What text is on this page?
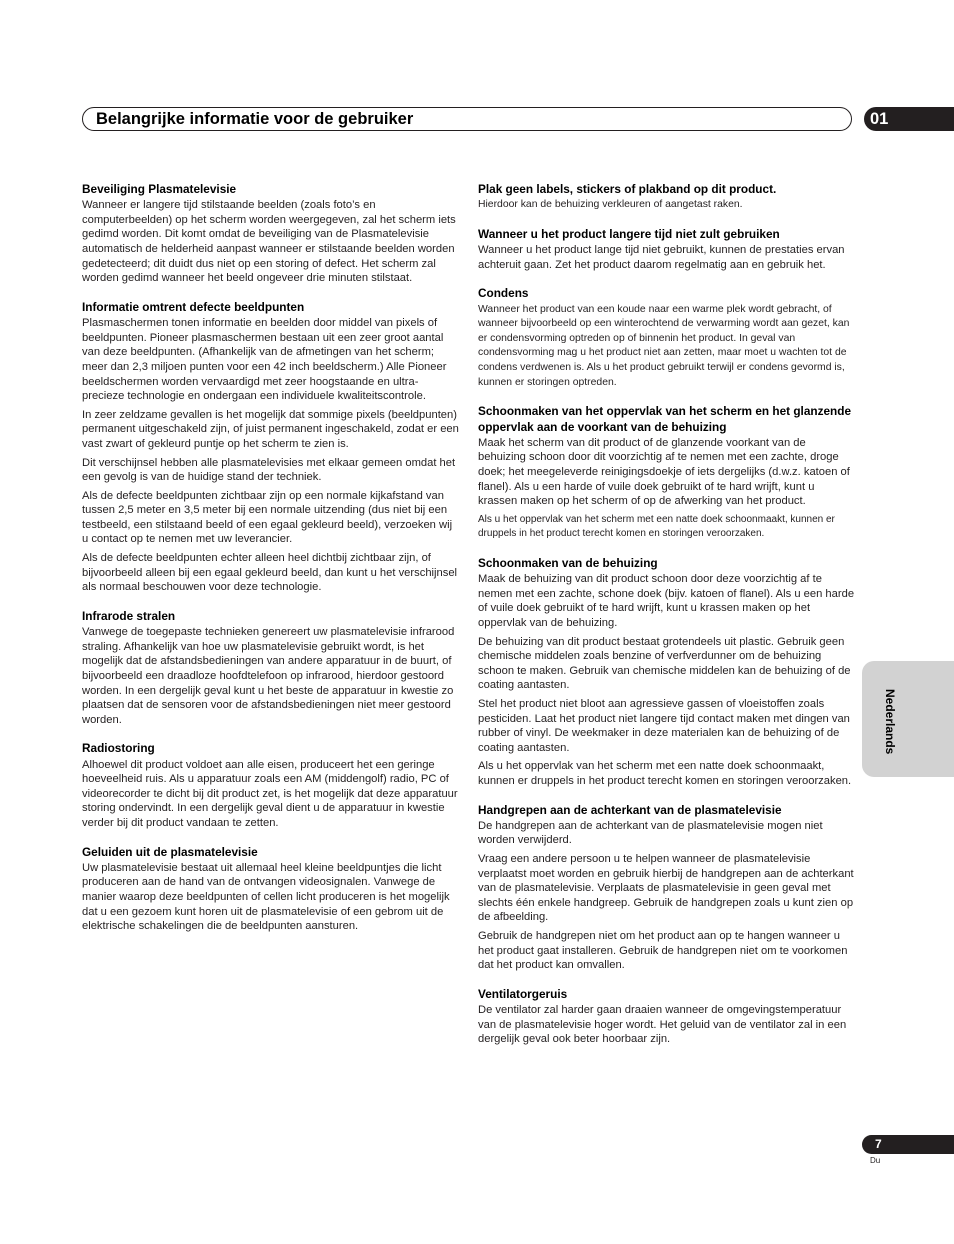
Belangrijke informatie voor de gebruiker	01
Nederlands
7
Du
Beveiliging Plasmatelevisie

Wanneer er langere tijd stilstaande beelden (zoals foto’s en computerbeelden) op het scherm worden weergegeven, zal het scherm iets gedimd worden. Dit komt omdat de beveiliging van de Plasmatelevisie automatisch de helderheid aanpast wanneer er stilstaande beelden worden gedetecteerd; dit duidt dus niet op een storing of defect. Het scherm zal worden gedimd wanneer het beeld ongeveer drie minuten stilstaat.

Informatie omtrent defecte beeldpunten

Plasmaschermen tonen informatie en beelden door middel van pixels of beeldpunten. Pioneer plasmaschermen bestaan uit een zeer groot aantal van deze beeldpunten. (Afhankelijk van de afmetingen van het scherm; meer dan 2,3 miljoen punten voor een 42 inch beeldscherm.) Alle Pioneer beeldschermen worden vervaardigd met zeer hoogstaande en ultra-precieze technologie en ondergaan een individuele kwaliteitscontrole.

In zeer zeldzame gevallen is het mogelijk dat sommige pixels (beeldpunten) permanent uitgeschakeld zijn, of juist permanent ingeschakeld, zodat er een vast zwart of gekleurd puntje op het scherm te zien is.

Dit verschijnsel hebben alle plasmatelevisies met elkaar gemeen omdat het een gevolg is van de huidige stand der techniek.

Als de defecte beeldpunten zichtbaar zijn op een normale kijkafstand van tussen 2,5 meter en 3,5 meter bij een normale uitzending (dus niet bij een testbeeld, een stilstaand beeld of een egaal gekleurd beeld), verzoeken wij u contact op te nemen met uw leverancier.

Als de defecte beeldpunten echter alleen heel dichtbij zichtbaar zijn, of bijvoorbeeld alleen bij een egaal gekleurd beeld, dan kunt u het verschijnsel als normaal beschouwen voor deze technologie.

Infrarode stralen

Vanwege de toegepaste technieken genereert uw plasmatelevisie infrarood straling. Afhankelijk van hoe uw plasmatelevisie gebruikt wordt, is het mogelijk dat de afstandsbedieningen van andere apparatuur in de buurt, of bijvoorbeeld een draadloze hoofdtelefoon op infrarood, hierdoor gestoord worden. In een dergelijk geval kunt u het beste de apparatuur in kwestie zo plaatsen dat de sensoren voor de afstandsbedieningen niet meer gestoord worden.

Radiostoring

Alhoewel dit product voldoet aan alle eisen, produceert het een geringe hoeveelheid ruis. Als u apparatuur zoals een AM (middengolf) radio, PC of videorecorder te dicht bij dit product zet, is het mogelijk dat deze apparatuur storing ondervindt. In een dergelijk geval dient u de apparatuur in kwestie verder bij dit product vandaan te zetten.

Geluiden uit de plasmatelevisie

Uw plasmatelevisie bestaat uit allemaal heel kleine beeldpuntjes die licht produceren aan de hand van de ontvangen videosignalen. Vanwege de manier waarop deze beeldpunten of cellen licht produceren is het mogelijk dat u een gezoem kunt horen uit de plasmatelevisie of een gebrom uit de elektrische schakelingen die de beeldpunten aansturen.

Plak geen labels, stickers of plakband op dit product.

Hierdoor kan de behuizing verkleuren of aangetast raken.

Wanneer u het product langere tijd niet zult gebruiken

Wanneer u het product lange tijd niet gebruikt, kunnen de prestaties ervan achteruit gaan. Zet het product daarom regelmatig aan en gebruik het.

Condens

Wanneer het product van een koude naar een warme plek wordt gebracht, of wanneer bijvoorbeeld op een winterochtend de verwarming wordt aan gezet, kan er condensvorming optreden op of binnenin het product. In geval van condensvorming mag u het product niet aan zetten, maar moet u wachten tot de condens verdwenen is. Als u het product gebruikt terwijl er condens gevormd is, kunnen er storingen optreden.

Schoonmaken van het oppervlak van het scherm en het glanzende oppervlak aan de voorkant van de behuizing

Maak het scherm van dit product of de glanzende voorkant van de behuizing schoon door dit voorzichtig af te nemen met een zachte, droge doek; het meegeleverde reinigingsdoekje of iets dergelijks (d.w.z. katoen of flanel). Als u een harde of vuile doek gebruikt of te hard wrijft, kunt u krassen maken op het scherm of op de afwerking van het product.

Als u het oppervlak van het scherm met een natte doek schoonmaakt, kunnen er druppels in het product terecht komen en storingen veroorzaken.

Schoonmaken van de behuizing

Maak de behuizing van dit product schoon door deze voorzichtig af te nemen met een zachte, schone doek (bijv. katoen of flanel). Als u een harde of vuile doek gebruikt of te hard wrijft, kunt u krassen maken op het oppervlak van de behuizing.

De behuizing van dit product bestaat grotendeels uit plastic. Gebruik geen chemische middelen zoals benzine of verfverdunner om de behuizing schoon te maken. Gebruik van chemische middelen kan de behuizing of de coating aantasten.

Stel het product niet bloot aan agressieve gassen of vloeistoffen zoals pesticiden. Laat het product niet langere tijd contact maken met dingen van rubber of vinyl. De weekmaker in deze materialen kan de behuizing of de coating aantasten.

Als u het oppervlak van het scherm met een natte doek schoonmaakt, kunnen er druppels in het product terecht komen en storingen veroorzaken.

Handgrepen aan de achterkant van de plasmatelevisie

De handgrepen aan de achterkant van de plasmatelevisie mogen niet worden verwijderd.

Vraag een andere persoon u te helpen wanneer de plasmatelevisie verplaatst moet worden en gebruik hierbij de handgrepen aan de achterkant van de plasmatelevisie. Verplaats de plasmatelevisie in geen geval met slechts één enkele handgreep. Gebruik de handgrepen zoals u kunt zien op de afbeelding.

Gebruik de handgrepen niet om het product aan op te hangen wanneer u het product gaat installeren. Gebruik de handgrepen niet om te voorkomen dat het product kan omvallen.

Ventilatorgeruis

De ventilator zal harder gaan draaien wanneer de omgevingstemperatuur van de plasmatelevisie hoger wordt. Het geluid van de ventilator zal in een dergelijk geval ook beter hoorbaar zijn.
